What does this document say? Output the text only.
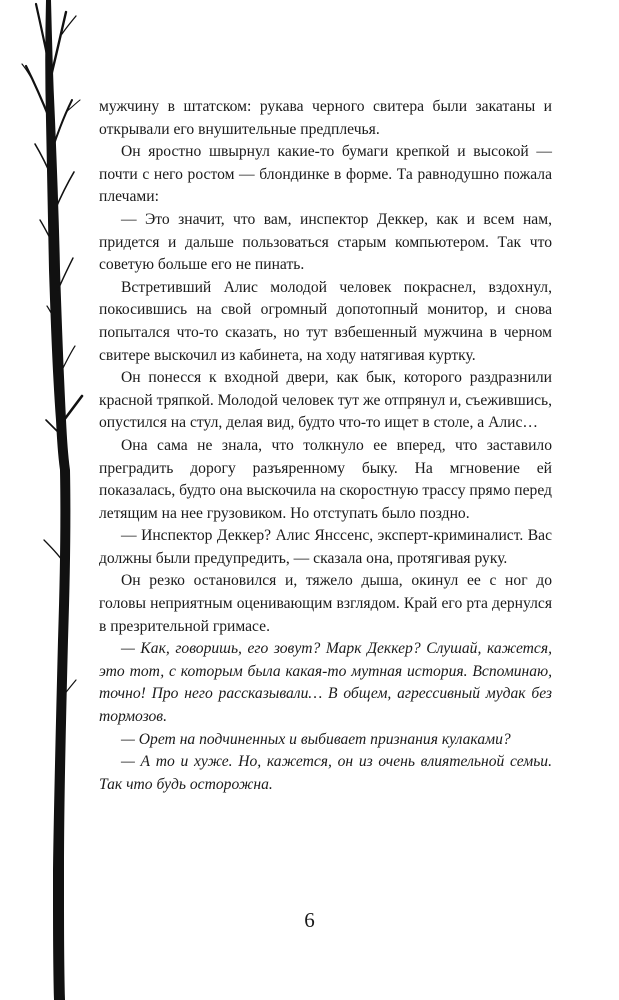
мужчину в штатском: рукава черного свитера были закатаны и открывали его внушительные предплечья.

Он яростно швырнул какие-то бумаги крепкой и высокой — почти с него ростом — блондинке в форме. Та равнодушно пожала плечами:

— Это значит, что вам, инспектор Деккер, как и всем нам, придется и дальше пользоваться старым компьютером. Так что советую больше его не пинать.

Встретивший Алис молодой человек покраснел, вздохнул, покосившись на свой огромный допотопный монитор, и снова попытался что-то сказать, но тут взбешенный мужчина в черном свитере выскочил из кабинета, на ходу натягивая куртку.

Он понесся к входной двери, как бык, которого раздразнили красной тряпкой. Молодой человек тут же отпрянул и, съежившись, опустился на стул, делая вид, будто что-то ищет в столе, а Алис…

Она сама не знала, что толкнуло ее вперед, что заставило преградить дорогу разъяренному быку. На мгновение ей показалась, будто она выскочила на скоростную трассу прямо перед летящим на нее грузовиком. Но отступать было поздно.

— Инспектор Деккер? Алис Янссенс, эксперт-криминалист. Вас должны были предупредить, — сказала она, протягивая руку.

Он резко остановился и, тяжело дыша, окинул ее с ног до головы неприятным оценивающим взглядом. Край его рта дернулся в презрительной гримасе.

— Как, говоришь, его зовут? Марк Деккер? Слушай, кажется, это тот, с которым была какая-то мутная история. Вспоминаю, точно! Про него рассказывали… В общем, агрессивный мудак без тормозов.

— Орет на подчиненных и выбивает признания кулаками?

— А то и хуже. Но, кажется, он из очень влиятельной семьи. Так что будь осторожна.

6
